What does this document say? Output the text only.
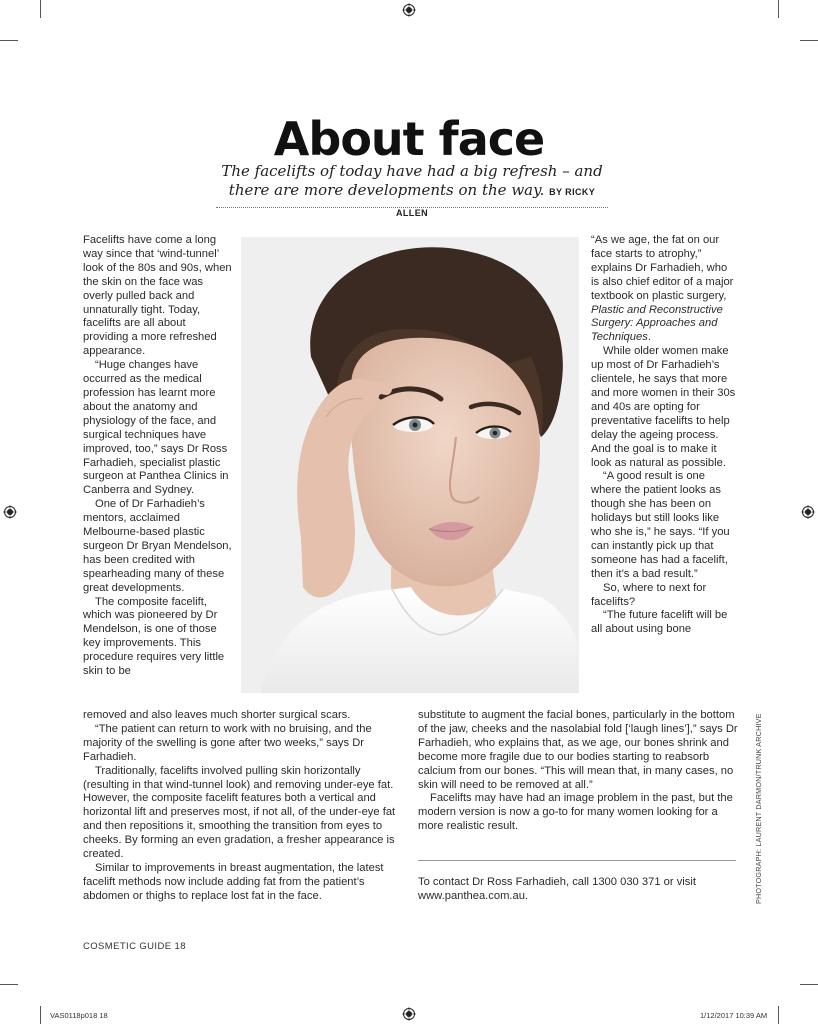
About face
The facelifts of today have had a big refresh – and there are more developments on the way. BY RICKY ALLEN

Facelifts have come a long way since that ‘wind-tunnel’ look of the 80s and 90s, when the skin on the face was overly pulled back and unnaturally tight. Today, facelifts are all about providing a more refreshed appearance.

“Huge changes have occurred as the medical profession has learnt more about the anatomy and physiology of the face, and surgical techniques have improved, too,” says Dr Ross Farhadieh, specialist plastic surgeon at Panthea Clinics in Canberra and Sydney.

One of Dr Farhadieh’s mentors, acclaimed Melbourne-based plastic surgeon Dr Bryan Mendelson, has been credited with spearheading many of these great developments.

The composite facelift, which was pioneered by Dr Mendelson, is one of those key improvements. This procedure requires very little skin to be

“As we age, the fat on our face starts to atrophy,” explains Dr Farhadieh, who is also chief editor of a major textbook on plastic surgery, Plastic and Reconstructive Surgery: Approaches and Techniques.

While older women make up most of Dr Farhadieh’s clientele, he says that more and more women in their 30s and 40s are opting for preventative facelifts to help delay the ageing process. And the goal is to make it look as natural as possible.

“A good result is one where the patient looks as though she has been on holidays but still looks like who she is,” he says. “If you can instantly pick up that someone has had a facelift, then it’s a bad result.”

So, where to next for facelifts?

“The future facelift will be all about using bone

removed and also leaves much shorter surgical scars.

“The patient can return to work with no bruising, and the majority of the swelling is gone after two weeks,” says Dr Farhadieh.

Traditionally, facelifts involved pulling skin horizontally (resulting in that wind-tunnel look) and removing under-eye fat. However, the composite facelift features both a vertical and horizontal lift and preserves most, if not all, of the under-eye fat and then repositions it, smoothing the transition from eyes to cheeks. By forming an even gradation, a fresher appearance is created.

Similar to improvements in breast augmentation, the latest facelift methods now include adding fat from the patient’s abdomen or thighs to replace lost fat in the face.

substitute to augment the facial bones, particularly in the bottom of the jaw, cheeks and the nasolabial fold [‘laugh lines’],” says Dr Farhadieh, who explains that, as we age, our bones shrink and become more fragile due to our bodies starting to reabsorb calcium from our bones. “This will mean that, in many cases, no skin will need to be removed at all.”

Facelifts may have had an image problem in the past, but the modern version is now a go-to for many women looking for a more realistic result.

To contact Dr Ross Farhadieh, call 1300 030 371 or visit www.panthea.com.au.	PHOTOGRAPH: LAURENT DARMON/TRUNK ARCHIVE
COSMETIC GUIDE 18
VAS0118p018 18	1/12/2017 10:39 AM
